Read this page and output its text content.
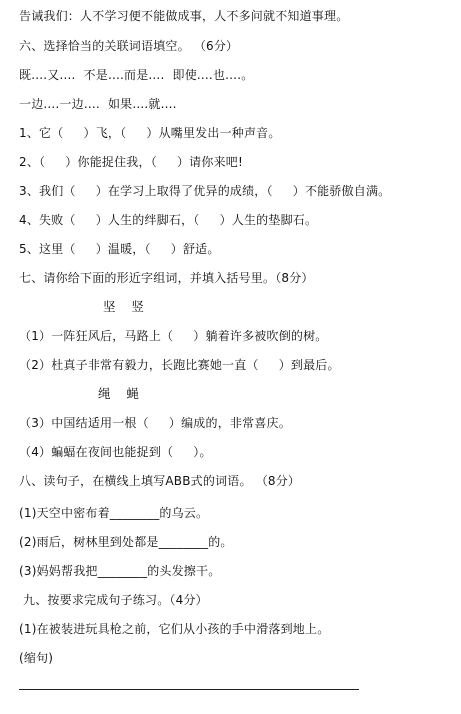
告诫我们：人不学习便不能做成事，人不多问就不知道事理。
六、选择恰当的关联词语填空。 （6分）
既....又....  不是....而是....  即使....也....。
一边....一边....  如果....就....
1、它（     ）飞，（     ）从嘴里发出一种声音。
2、（     ）你能捉住我，（     ）请你来吧!
3、我们（     ）在学习上取得了优异的成绩，（     ）不能骄傲自满。
4、失败（     ）人生的绊脚石，（     ）人生的垫脚石。
5、这里（     ）温暖，（     ）舒适。
七、请你给下面的形近字组词，并填入括号里。（8分）
坚    竖
（1）一阵狂风后，马路上（     ）躺着许多被吹倒的树。
（2）杜真子非常有毅力，长跑比赛她一直（     ）到最后。
绳    蝇
（3）中国结适用一根（     ）编成的，非常喜庆。
（4）蝙蝠在夜间也能捉到（     ）。
八、读句子，在横线上填写ABB式的词语。 （8分）
(1)天空中密布着________的乌云。
(2)雨后，树林里到处都是________的。
(3)妈妈帮我把________的头发擦干。
九、按要求完成句子练习。（4分）
(1)在被装进玩具枪之前，它们从小孩的手中滑落到地上。
(缩句)
